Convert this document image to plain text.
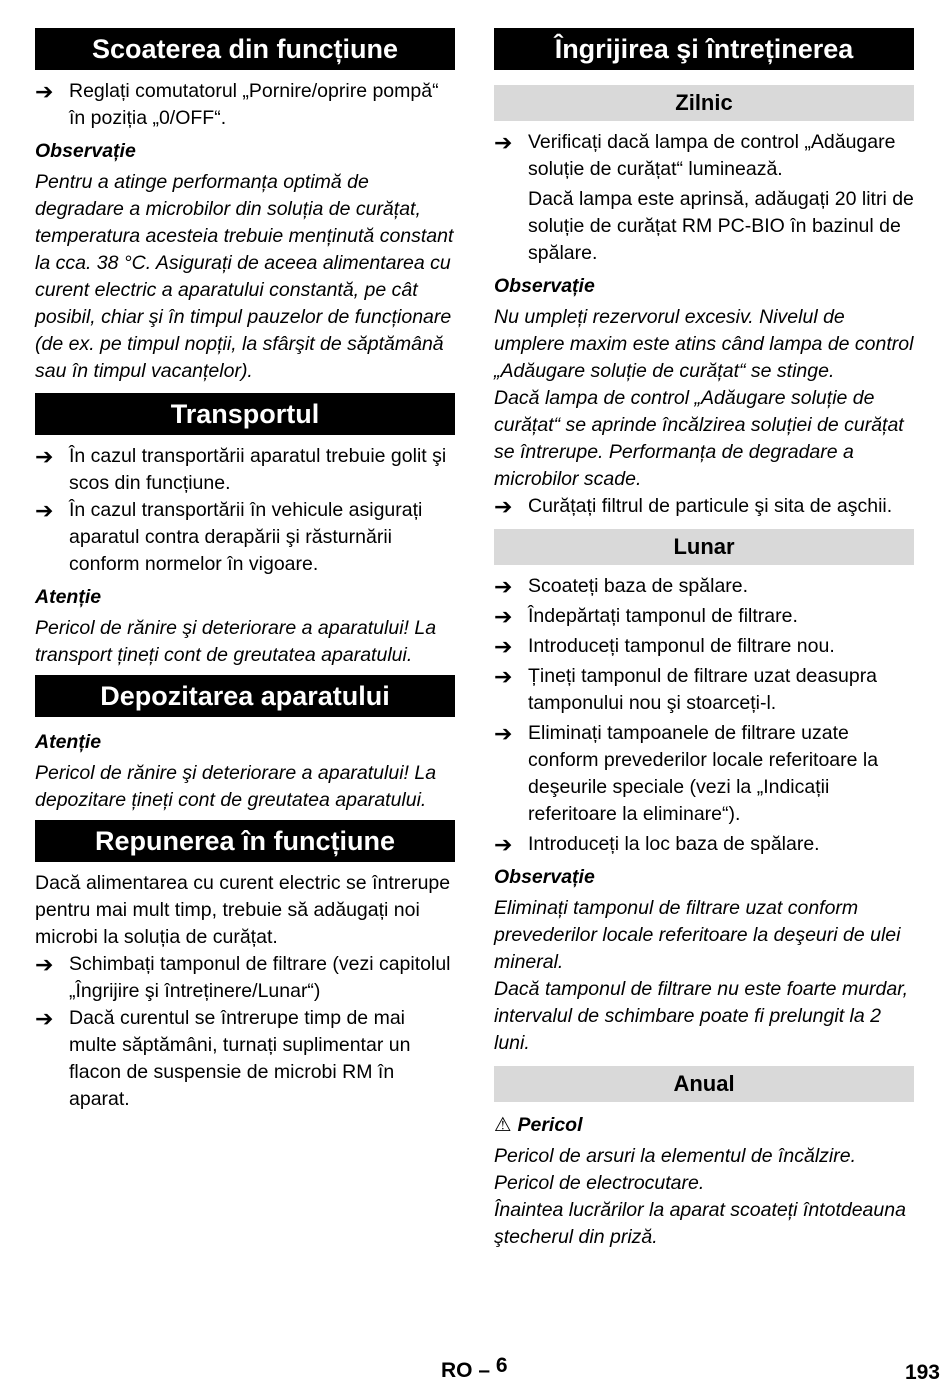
Scoaterea din funcțiune
➔ Reglați comutatorul „Pornire/oprire pompă“ în poziția „0/OFF“.

Observație

Pentru a atinge performanța optimă de degradare a microbilor din soluția de curățat, temperatura acesteia trebuie menținută constant la cca. 38 °C. Asigurați de aceea alimentarea cu curent electric a aparatului constantă, pe cât posibil, chiar şi în timpul pauzelor de funcționare (de ex. pe timpul nopții, la sfârşit de săptămână sau în timpul vacanțelor).

Transportul
➔ În cazul transportării aparatul trebuie golit şi scos din funcțiune.
➔ În cazul transportării în vehicule asigurați aparatul contra derapării şi răsturnării conform normelor în vigoare.

Atenție

Pericol de rănire şi deteriorare a aparatului! La transport țineți cont de greutatea aparatului.

Depozitarea aparatului

Atenție

Pericol de rănire şi deteriorare a aparatului! La depozitare țineți cont de greutatea aparatului.

Repunerea în funcțiune

Dacă alimentarea cu curent electric se întrerupe pentru mai mult timp, trebuie să adăugați noi microbi la soluția de curățat.

➔ Schimbați tamponul de filtrare (vezi capitolul „Îngrijire şi întreținere/Lunar“)
➔ Dacă curentul se întrerupe timp de mai multe săptămâni, turnați suplimentar un flacon de suspensie de microbi RM în aparat.
Îngrijirea şi întreținerea
Zilnic
➔ Verificați dacă lampa de control „Adăugare soluție de curățat“ luminează.
Dacă lampa este aprinsă, adăugați 20 litri de soluție de curățat RM PC-BIO în bazinul de spălare.

Observație

Nu umpleți rezervorul excesiv. Nivelul de umplere maxim este atins când lampa de control „Adăugare soluție de curățat“ se stinge.

Dacă lampa de control „Adăugare soluție de curățat“ se aprinde încălzirea soluției de curățat se întrerupe. Performanța de degradare a microbilor scade.

➔ Curățați filtrul de particule şi sita de aşchii.
Lunar
➔ Scoateți baza de spălare.
➔ Îndepărtați tamponul de filtrare.
➔ Introduceți tamponul de filtrare nou.
➔ Țineți tamponul de filtrare uzat deasupra tamponului nou şi stoarceți-l.
➔ Eliminați tampoanele de filtrare uzate conform prevederilor locale referitoare la deşeurile speciale (vezi la „Indicații referitoare la eliminare“).
➔ Introduceți la loc baza de spălare.

Observație

Eliminați tamponul de filtrare uzat conform prevederilor locale referitoare la deşeuri de ulei mineral.

Dacă tamponul de filtrare nu este foarte murdar, intervalul de schimbare poate fi prelungit la 2 luni.

Anual

⚠ Pericol

Pericol de arsuri la elementul de încălzire.

Pericol de electrocutare.

Înaintea lucrărilor la aparat scoateți întotdeauna ştecherul din priză.

RO – 6	193
